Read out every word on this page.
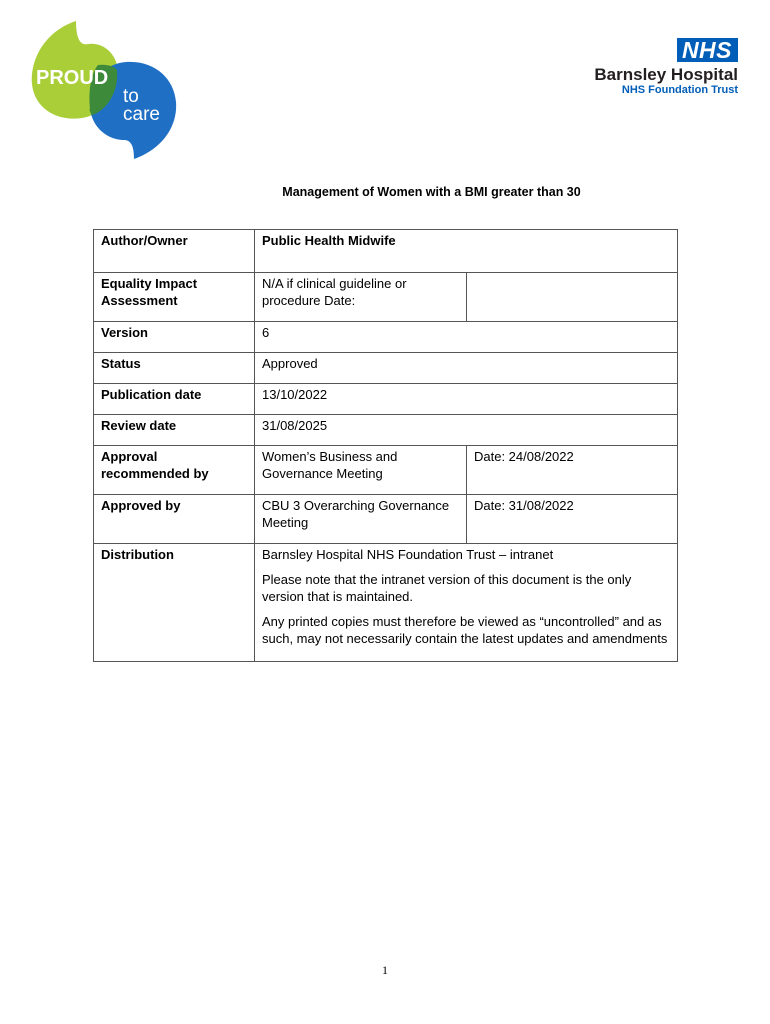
PROUD
to
care
NHS
Barnsley Hospital
NHS Foundation Trust
Management of Women with a BMI greater than 30
Author/Owner	Public Health Midwife	
Equality Impact Assessment	N/A if clinical guideline or procedure Date:	
Version	6	
Status	Approved	
Publication date	13/10/2022	
Review date	31/08/2025	
Approval recommended by	Women’s Business and Governance Meeting	Date: 24/08/2022
Approved by	CBU 3 Overarching Governance Meeting	Date: 31/08/2022
Distribution	Barnsley Hospital NHS Foundation Trust – intranet

Please note that the intranet version of this document is the only version that is maintained.

Any printed copies must therefore be viewed as “uncontrolled” and as such, may not necessarily contain the latest updates and amendments	

1
